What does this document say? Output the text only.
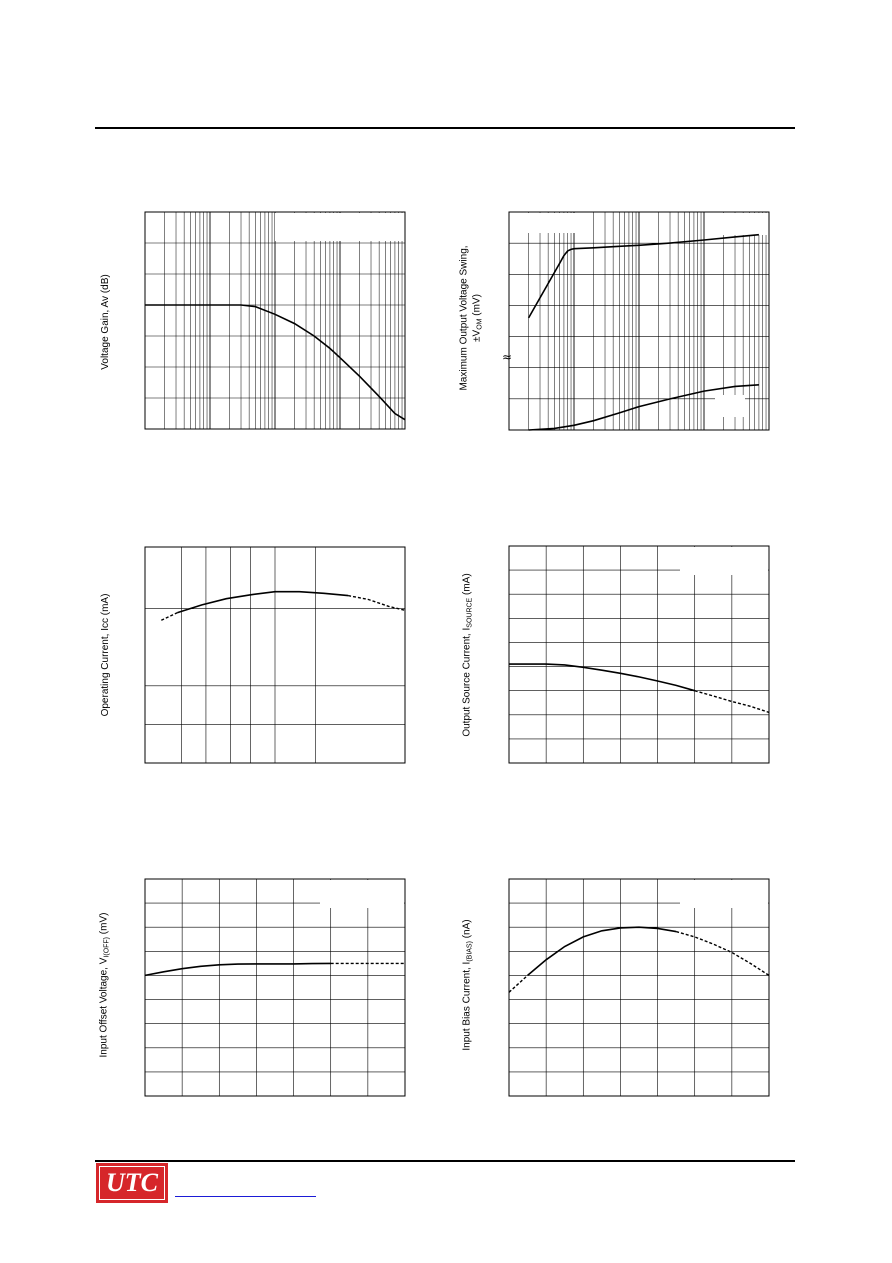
Voltage Gain, Av (dB)	Maximum Output Voltage Swing, $\pm V_{OM}$ (mV)
≈
Operating Current, Icc (mA)	Output Source Current, $I_{SOURCE}$ (mA)
Input Offset Voltage, $V_{I(OFF)}$ (mV)
Input Bias Current, $I_{(BIAS)}$ (nA)
UTC
